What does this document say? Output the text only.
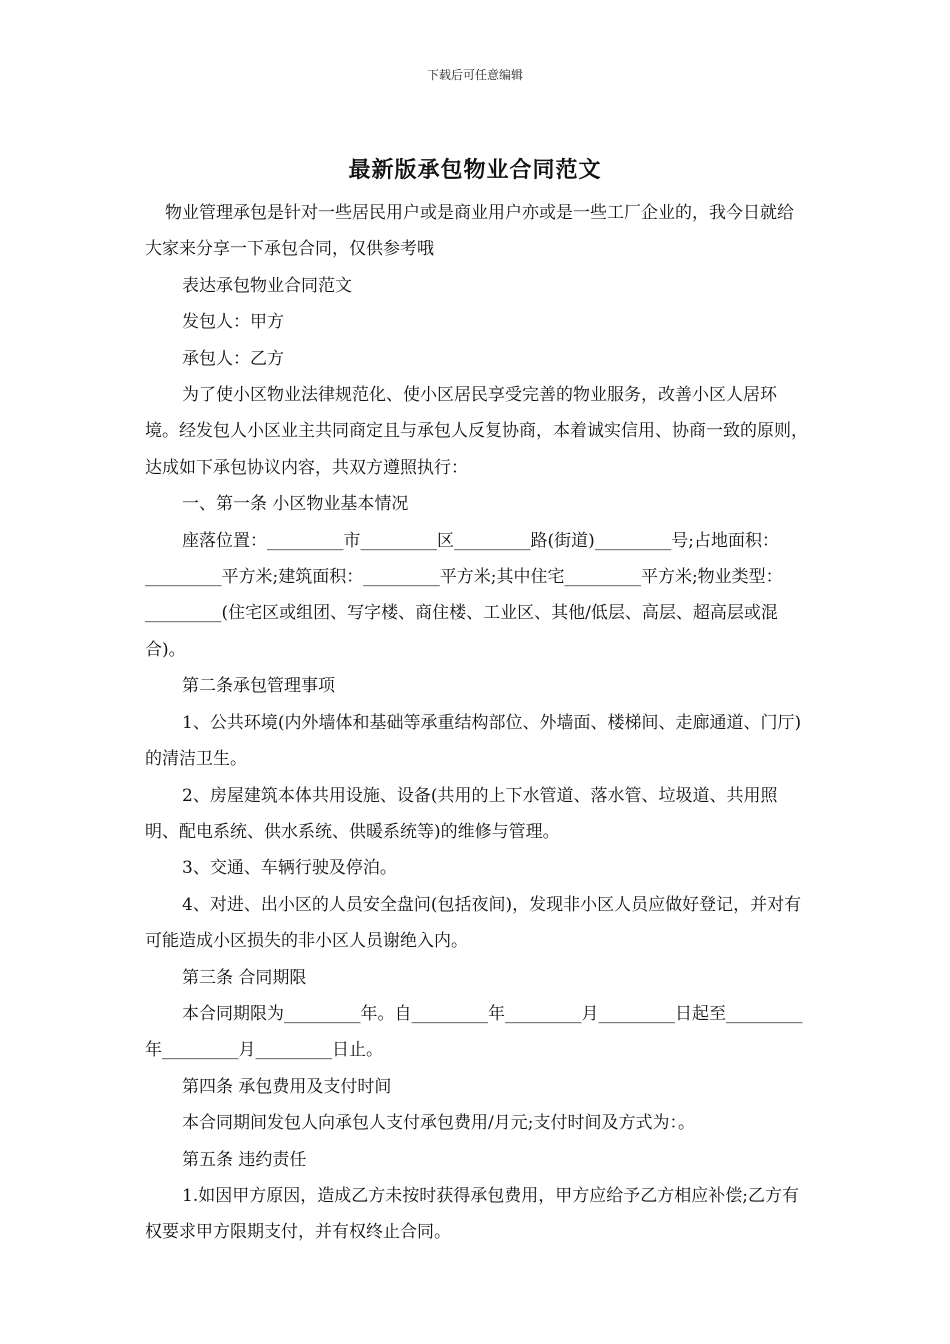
下载后可任意编辑
最新版承包物业合同范文

物业管理承包是针对一些居民用户或是商业用户亦或是一些工厂企业的，我今日就给大家来分享一下承包合同，仅供参考哦

表达承包物业合同范文

发包人：甲方

承包人：乙方

为了使小区物业法律规范化、使小区居民享受完善的物业服务，改善小区人居环境。经发包人小区业主共同商定且与承包人反复协商，本着诚实信用、协商一致的原则，达成如下承包协议内容，共双方遵照执行：

一、第一条 小区物业基本情况

座落位置：_________市_________区_________路(街道)_________号;占地面积：_________平方米;建筑面积：_________平方米;其中住宅_________平方米;物业类型：_________(住宅区或组团、写字楼、商住楼、工业区、其他/低层、高层、超高层或混合)。

第二条承包管理事项

1、公共环境(内外墙体和基础等承重结构部位、外墙面、楼梯间、走廊通道、门厅)的清洁卫生。

2、房屋建筑本体共用设施、设备(共用的上下水管道、落水管、垃圾道、共用照明、配电系统、供水系统、供暖系统等)的维修与管理。

3、交通、车辆行驶及停泊。

4、对进、出小区的人员安全盘问(包括夜间)，发现非小区人员应做好登记，并对有可能造成小区损失的非小区人员谢绝入内。

第三条 合同期限

本合同期限为_________年。自_________年_________月_________日起至_________年_________月_________日止。

第四条 承包费用及支付时间

本合同期间发包人向承包人支付承包费用/月元;支付时间及方式为：。

第五条 违约责任

1.如因甲方原因，造成乙方未按时获得承包费用，甲方应给予乙方相应补偿;乙方有权要求甲方限期支付，并有权终止合同。
